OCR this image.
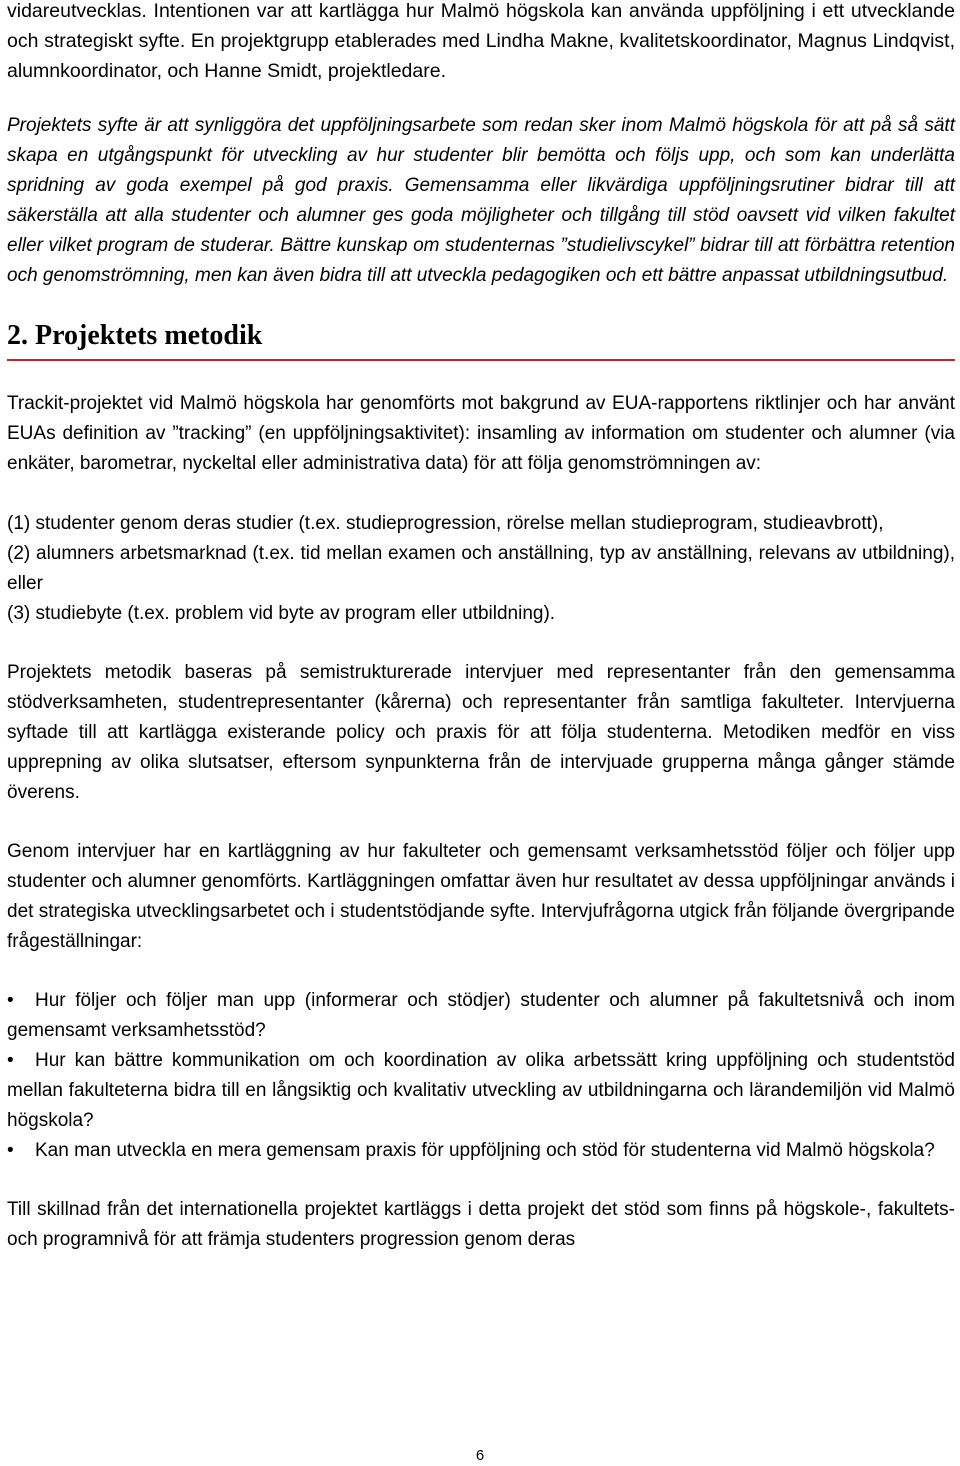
vidareutvecklas. Intentionen var att kartlägga hur Malmö högskola kan använda uppföljning i ett utvecklande och strategiskt syfte. En projektgrupp etablerades med Lindha Makne, kvalitetskoordinator, Magnus Lindqvist, alumnkoordinator, och Hanne Smidt, projektledare.

Projektets syfte är att synliggöra det uppföljningsarbete som redan sker inom Malmö högskola för att på så sätt skapa en utgångspunkt för utveckling av hur studenter blir bemötta och följs upp, och som kan underlätta spridning av goda exempel på god praxis. Gemensamma eller likvärdiga uppföljningsrutiner bidrar till att säkerställa att alla studenter och alumner ges goda möjligheter och tillgång till stöd oavsett vid vilken fakultet eller vilket program de studerar. Bättre kunskap om studenternas ”studielivscykel” bidrar till att förbättra retention och genomströmning, men kan även bidra till att utveckla pedagogiken och ett bättre anpassat utbildningsutbud.

2. Projektets metodik

Trackit-projektet vid Malmö högskola har genomförts mot bakgrund av EUA-rapportens riktlinjer och har använt EUAs definition av ”tracking” (en uppföljningsaktivitet): insamling av information om studenter och alumner (via enkäter, barometrar, nyckeltal eller administrativa data) för att följa genomströmningen av:

(1) studenter genom deras studier (t.ex. studieprogression, rörelse mellan studieprogram, studieavbrott),

(2) alumners arbetsmarknad (t.ex. tid mellan examen och anställning, typ av anställning, relevans av utbildning), eller

(3) studiebyte (t.ex. problem vid byte av program eller utbildning).

Projektets metodik baseras på semistrukturerade intervjuer med representanter från den gemensamma stödverksamheten, studentrepresentanter (kårerna) och representanter från samtliga fakulteter. Intervjuerna syftade till att kartlägga existerande policy och praxis för att följa studenterna. Metodiken medför en viss upprepning av olika slutsatser, eftersom synpunkterna från de intervjuade grupperna många gånger stämde överens.

Genom intervjuer har en kartläggning av hur fakulteter och gemensamt verksamhetsstöd följer och följer upp studenter och alumner genomförts. Kartläggningen omfattar även hur resultatet av dessa uppföljningar används i det strategiska utvecklingsarbetet och i studentstödjande syfte. Intervjufrågorna utgick från följande övergripande frågeställningar:

• Hur följer och följer man upp (informerar och stödjer) studenter och alumner på fakultetsnivå och inom gemensamt verksamhetsstöd?

• Hur kan bättre kommunikation om och koordination av olika arbetssätt kring uppföljning och studentstöd mellan fakulteterna bidra till en långsiktig och kvalitativ utveckling av utbildningarna och lärandemiljön vid Malmö högskola?

• Kan man utveckla en mera gemensam praxis för uppföljning och stöd för studenterna vid Malmö högskola?

Till skillnad från det internationella projektet kartläggs i detta projekt det stöd som finns på högskole-, fakultets- och programnivå för att främja studenters progression genom deras

6
